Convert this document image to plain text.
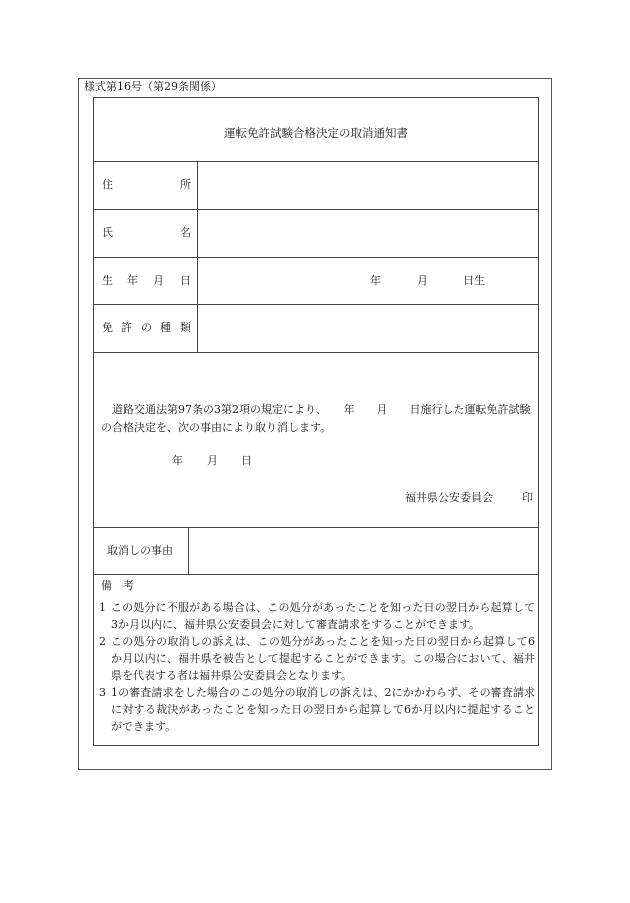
様式第16号（第29条関係）
運転免許試験合格決定の取消通知書
住	所
氏	名
生 年 月 日	年	月	日生
免 許 の 種 類
道路交通法第97条の3第2項の規定により、　　年　　月　　日施行した運転免許試験の合格決定を、次の事由により取り消します。
年 月 日
福井県公安委員会	印
取消しの事由
備　考
1 この処分に不服がある場合は、この処分があったことを知った日の翌日から起算して3か月以内に、福井県公安委員会に対して審査請求をすることができます。
2 この処分の取消しの訴えは、この処分があったことを知った日の翌日から起算して6か月以内に、福井県を被告として提起することができます。この場合において、福井県を代表する者は福井県公安委員会となります。
3 1の審査請求をした場合のこの処分の取消しの訴えは、2にかかわらず、その審査請求に対する裁決があったことを知った日の翌日から起算して6か月以内に提起することができます。
